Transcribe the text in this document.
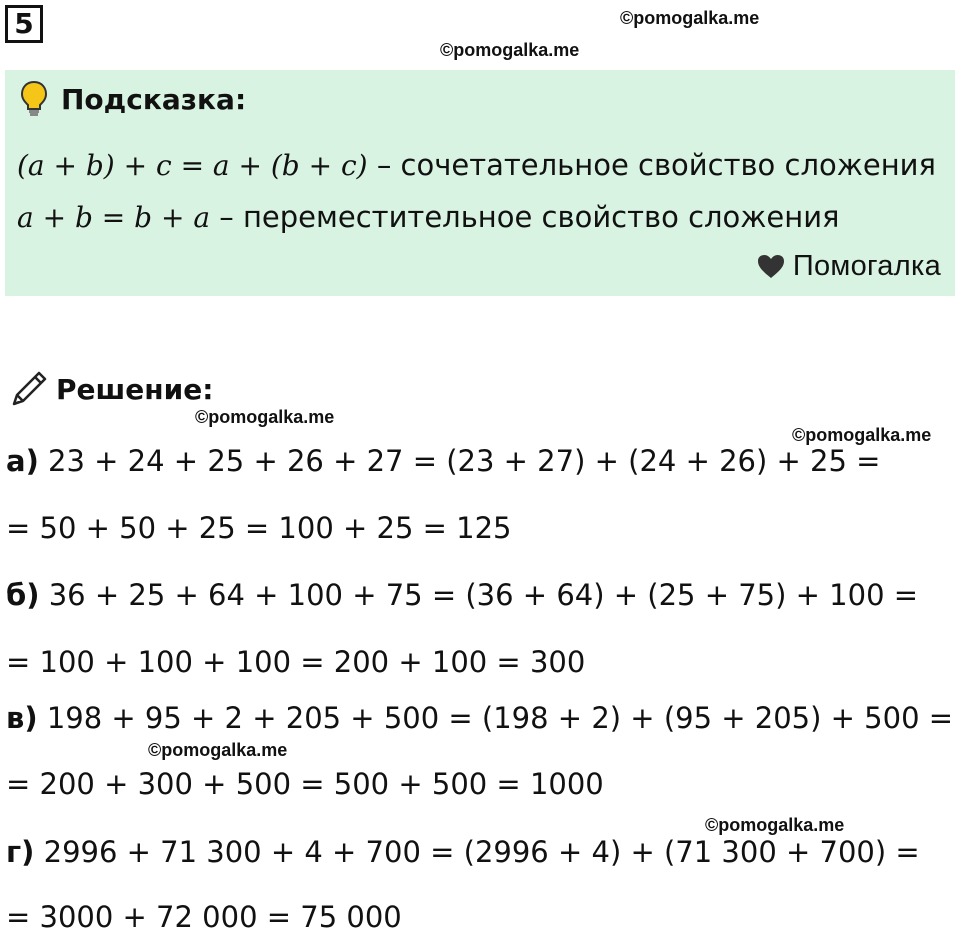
5	©pomogalka.me
©pomogalka.me
Подсказка:
(a + b) + c = a + (b + c) – сочетательное свойство сложения
a + b = b + a – переместительное свойство сложения
Помогалка
Решение:
©pomogalka.me
©pomogalka.me
а) 23 + 24 + 25 + 26 + 27 = (23 + 27) + (24 + 26) + 25 =
= 50 + 50 + 25 = 100 + 25 = 125
б) 36 + 25 + 64 + 100 + 75 = (36 + 64) + (25 + 75) + 100 =
= 100 + 100 + 100 = 200 + 100 = 300
в) 198 + 95 + 2 + 205 + 500 = (198 + 2) + (95 + 205) + 500 =
©pomogalka.me
= 200 + 300 + 500 = 500 + 500 = 1000
©pomogalka.me
г) 2996 + 71 300 + 4 + 700 = (2996 + 4) + (71 300 + 700) =
= 3000 + 72 000 = 75 000
